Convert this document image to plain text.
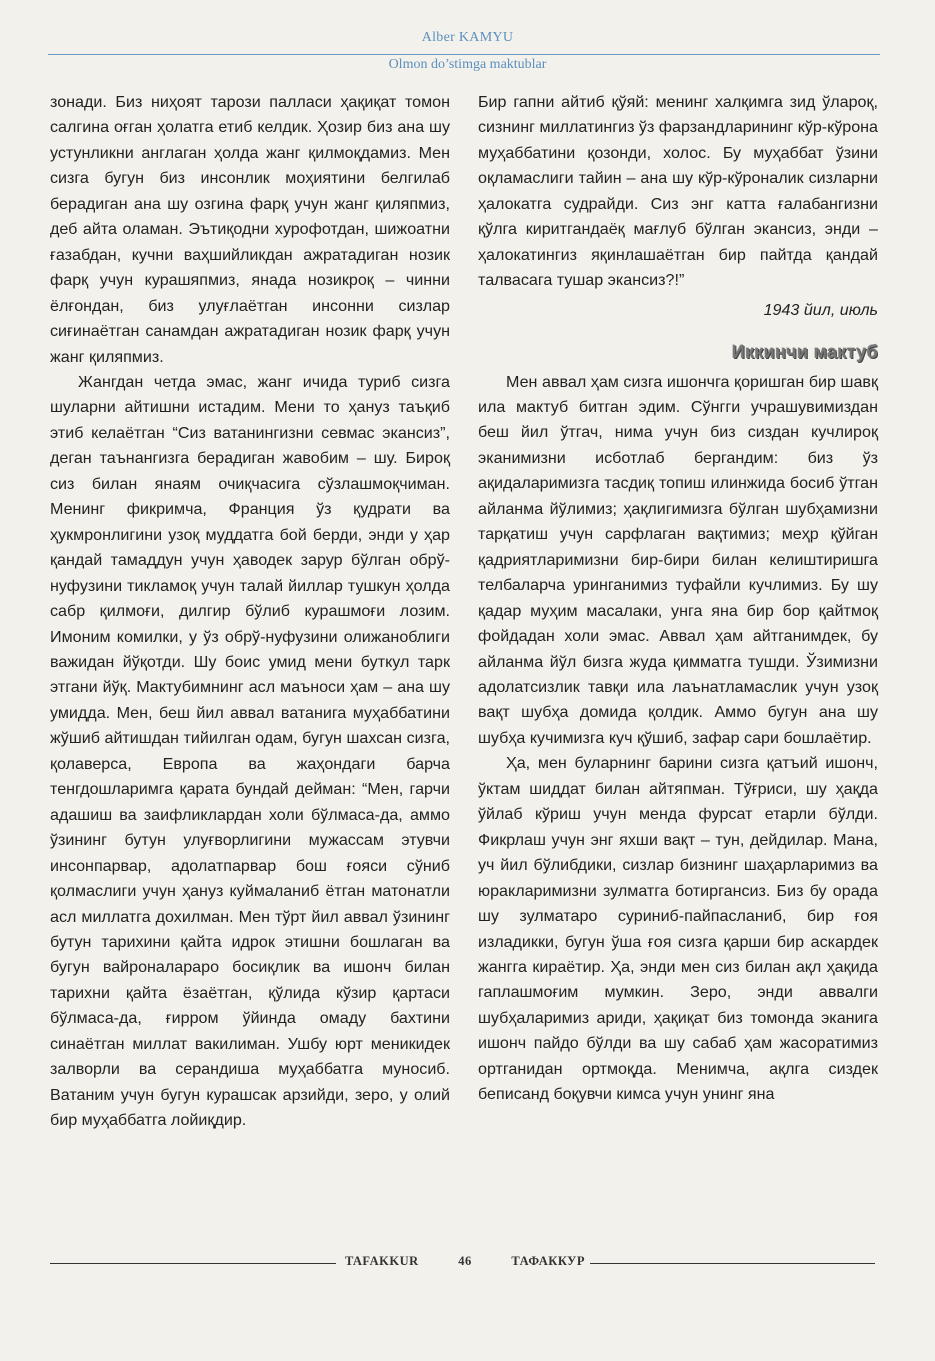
Alber KAMYU
Olmon do’stimga maktublar

зонади. Биз ниҳоят тарози палласи ҳақиқат томон салгина оғган ҳолатга етиб келдик. Ҳозир биз ана шу устунликни англаган ҳолда жанг қилмоқдамиз. Мен сизга бугун биз инсонлик моҳиятини белгилаб берадиган ана шу озгина фарқ учун жанг қиляпмиз, деб айта оламан. Эътиқодни хурофотдан, шижоатни ғазабдан, кучни ваҳшийликдан ажратадиган нозик фарқ учун курашяпмиз, янада нозикроқ – чинни ёлғондан, биз улуғлаётган инсонни сизлар сиғинаётган санамдан ажратадиган нозик фарқ учун жанг қиляпмиз.

Жангдан четда эмас, жанг ичида туриб сизга шуларни айтишни истадим. Мени то ҳануз таъқиб этиб келаётган “Сиз ватанингизни севмас экансиз”, деган таънангизга берадиган жавобим – шу. Бироқ сиз билан янаям очиқчасига сўзлашмоқчиман. Менинг фикримча, Франция ўз қудрати ва ҳукмронлигини узоқ муддатга бой берди, энди у ҳар қандай тамаддун учун ҳаводек зарур бўлган обрў-нуфузини тикламоқ учун талай йиллар тушкун ҳолда сабр қилмоғи, дилгир бўлиб курашмоғи лозим. Имоним комилки, у ўз обрў-нуфузини олижанoблиги важидан йўқотди. Шу боис умид мени буткул тарк этгани йўқ. Мактубимнинг асл маъноси ҳам – ана шу умидда. Мен, беш йил аввал ватанига муҳаббатини жўшиб айтишдан тийилган одам, бугун шахсан сизга, қолаверса, Европа ва жаҳондаги барча тенгдошларимга қарата бундай дейман: “Мен, гарчи адашиш ва заифликлардан холи бўлмаса-да, аммо ўзининг бутун улуғворлигини мужассам этувчи инсонпарвар, адолатпарвар бош ғояси сўниб қолмаслиги учун ҳануз куймаланиб ётган матонатли асл миллатга дохилман. Мен тўрт йил аввал ўзининг бутун тарихини қайта идрок этишни бошлаган ва бугун вайроналараро босиқлик ва ишонч билан тарихни қайта ёзаётган, қўлида кўзир қартаси бўлмаса-да, ғирром ўйинда омаду бахтини синаётган миллат вакилиман. Ушбу юрт меникидек залворли ва серандиша муҳаббатга муносиб. Ватаним учун бугун курашсак арзийди, зеро, у олий бир муҳаббатга лойиқдир.

Бир гапни айтиб қўяй: менинг халқимга зид ўлароқ, сизнинг миллатингиз ўз фарзандларининг кўр-кўрона муҳаббатини қозонди, холос. Бу муҳаббат ўзини оқламаслиги тайин – ана шу кўр-кўроналик сизларни ҳалокатга судрайди. Сиз энг катта ғалабангизни қўлга киритгандаёқ мағлуб бўлган экансиз, энди – ҳалокатингиз яқинлашаётган бир пайтда қандай талвасага тушар экансиз?!”

1943 йил, июль
Иккинчи мактуб

Мен аввал ҳам сизга ишончга қоришган бир шавқ ила мактуб битган эдим. Сўнгги учрашувимиздан беш йил ўтгач, нима учун биз сиздан кучлироқ эканимизни исботлаб бергандим: биз ўз ақидаларимизга тасдиқ топиш илинжида босиб ўтган айланма йўлимиз; ҳақлигимизга бўлган шубҳамизни тарқатиш учун сарфлаган вақтимиз; меҳр қўйган қадриятларимизни бир-бири билан келиштиришга телбаларча уринганимиз туфайли кучлимиз. Бу шу қадар муҳим масалаки, унга яна бир бор қайтмоқ фойдадан холи эмас. Аввал ҳам айтганимдек, бу айланма йўл бизга жуда қимматга тушди. Ўзимизни адолатсизлик тавқи ила лаънатламаслик учун узоқ вақт шубҳа домида қолдик. Аммо бугун ана шу шубҳа кучимизга куч қўшиб, зафар сари бошлаётир.

Ҳа, мен буларнинг барини сизга қатъий ишонч, ўктам шиддат билан айтяпман. Тўғриси, шу ҳақда ўйлаб кўриш учун менда фурсат етарли бўлди. Фикрлаш учун энг яхши вақт – тун, дейдилар. Мана, уч йил бўлибдики, сизлар бизнинг шаҳарларимиз ва юракларимизни зулматга ботиргансиз. Биз бу орада шу зулматаро суриниб-пайпасланиб, бир ғоя изладикки, бугун ўша ғоя сизга қарши бир аскардек жангга кираётир. Ҳа, энди мен сиз билан ақл ҳақида гаплашмоғим мумкин. Зеро, энди аввалги шубҳаларимиз ариди, ҳақиқат биз томонда эканига ишонч пайдо бўлди ва шу сабаб ҳам жасоратимиз ортганидан ортмоқда. Менимча, ақлга сиздек беписанд боқувчи кимса учун унинг яна

TAFAKKUR	46	ТАФАККУР
